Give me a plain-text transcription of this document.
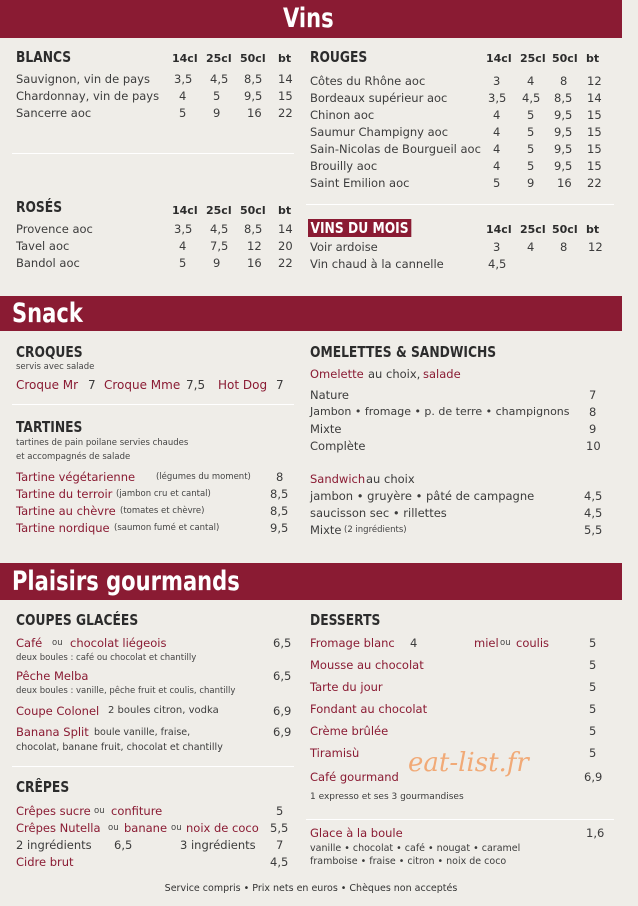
Vins
Snack
Plaisirs gourmands
BLANCS	14cl 25cl 50cl bt
Sauvignon, vin de pays 3,5 4,5 8,5 14
Chardonnay, vin de pays 4 5 9,5 15
Sancerre aoc	5 9 16 22
ROSÉS	14cl 25cl 50cl bt
Provence aoc	3,5 4,5 8,5 14
Tavel aoc	4 7,5 12 20
Bandol aoc	5 9 16 22
ROUGES	14cl 25cl 50cl bt
Côtes du Rhône aoc	3 4 8 12
Bordeaux supérieur aoc	3,5 4,5 8,5 14
Chinon aoc	4 5 9,5 15
Saumur Champigny aoc	4 5 9,5 15
Sain-Nicolas de Bourgueil aoc 4 5 9,5 15
Brouilly aoc	4 5 9,5 15
Saint Emilion aoc	5 9 16 22
VINS DU MOIS	14cl 25cl 50cl bt
Voir ardoise	3 4 8 12
Vin chaud à la cannelle	4,5
CROQUES
servis avec salade
Croque Mr 7 Croque Mme 7,5 Hot Dog 7
TARTINES
tartines de pain poilane servies chaudes
et accompagnés de salade
Tartine végétarienne (légumes du moment) 8
Tartine du terroir (jambon cru et cantal)	8,5
Tartine au chèvre (tomates et chèvre)	8,5
Tartine nordique (saumon fumé et cantal)	9,5
OMELETTES & SANDWICHS
Omelette au choix, salade
Nature	7
Jambon • fromage • p. de terre • champignons 8
Mixte	9
Complète	10
Sandwich au choix
jambon • gruyère • pâté de campagne	4,5
saucisson sec • rillettes	4,5
Mixte (2 ingrédients)	5,5
COUPES GLACÉES
Café ou chocolat liégeois	6,5
deux boules : café ou chocolat et chantilly
Pêche Melba	6,5
deux boules : vanille, pêche fruit et coulis, chantilly
Coupe Colonel 2 boules citron, vodka	6,9
Banana Split boule vanille, fraise,	6,9
chocolat, banane fruit, chocolat et chantilly
CRÊPES
Crêpes sucre ou confiture	5
Crêpes Nutella ou banane ou noix de coco 5,5
2 ingrédients 6,5	3 ingrédients 7
Cidre brut	4,5
DESSERTS
Fromage blanc 4	miel ou coulis	5
Mousse au chocolat	5
Tarte du jour	5
Fondant au chocolat	5
Crème brûlée	5
Tiramisù	5
Café gourmand	6,9
1 expresso et ses 3 gourmandises
Glace à la boule	1,6
vanille • chocolat • café • nougat • caramel
framboise • fraise • citron • noix de coco
eat-list.fr
Service compris • Prix nets en euros • Chèques non acceptés
